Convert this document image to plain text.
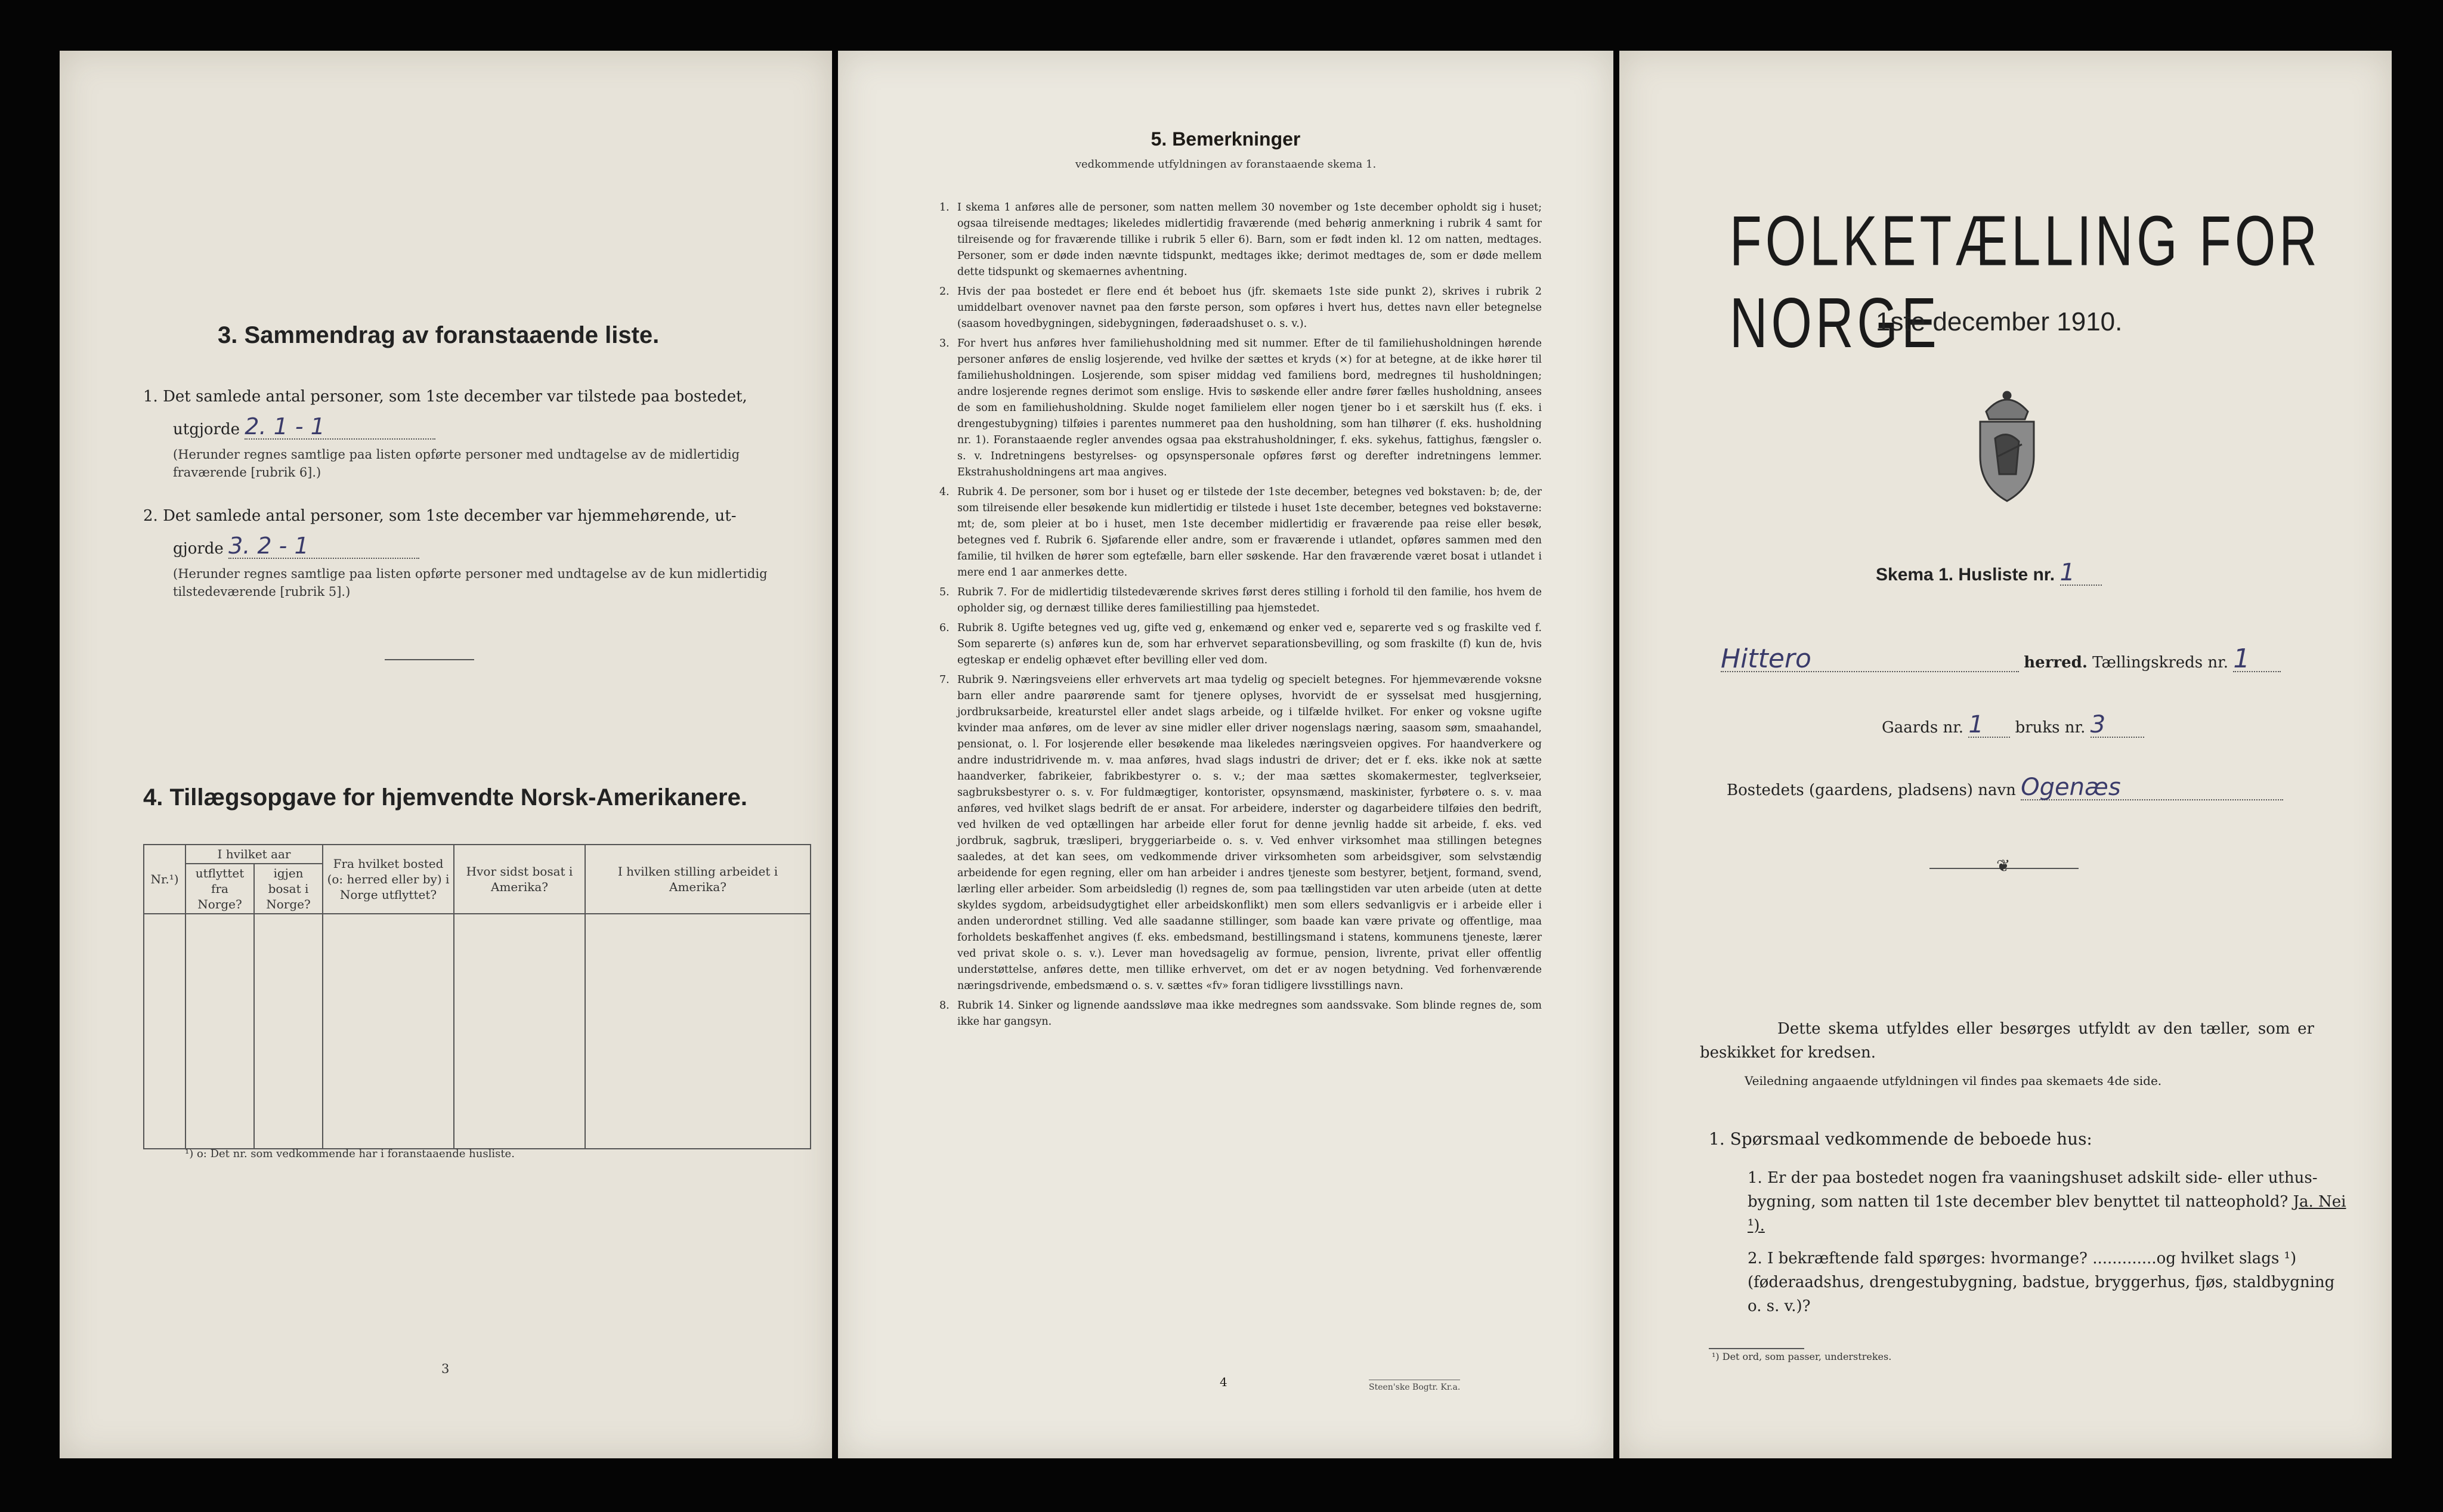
3. Sammendrag av foranstaaende liste.
1. Det samlede antal personer, som 1ste december var tilstede paa bostedet,
utgjorde 2. 1 - 1
(Herunder regnes samtlige paa listen opførte personer med undtagelse av de midlertidig fraværende [rubrik 6].)
2. Det samlede antal personer, som 1ste december var hjemmehørende, ut-
gjorde 3. 2 - 1
(Herunder regnes samtlige paa listen opførte personer med undtagelse av de kun midlertidig tilstedeværende [rubrik 5].)
4. Tillægsopgave for hjemvendte Norsk-Amerikanere.
Nr.¹)	I hvilket aar		Fra hvilket bosted (o: herred eller by) i Norge utflyttet?	Hvor sidst bosat i Amerika?	I hvilken stilling arbeidet i Amerika?
	utflyttet fra Norge?	igjen bosat i Norge?			

¹) o: Det nr. som vedkommende har i foranstaaende husliste.
3
5. Bemerkninger
vedkommende utfyldningen av foranstaaende skema 1.
1. I skema 1 anføres alle de personer, som natten mellem 30 november og 1ste december opholdt sig i huset; ogsaa tilreisende medtages; likeledes midlertidig fraværende (med behørig anmerkning i rubrik 4 samt for tilreisende og for fraværende tillike i rubrik 5 eller 6). Barn, som er født inden kl. 12 om natten, medtages. Personer, som er døde inden nævnte tidspunkt, medtages ikke; derimot medtages de, som er døde mellem dette tidspunkt og skemaernes avhentning.
2. Hvis der paa bostedet er flere end ét beboet hus (jfr. skemaets 1ste side punkt 2), skrives i rubrik 2 umiddelbart ovenover navnet paa den første person, som opføres i hvert hus, dettes navn eller betegnelse (saasom hovedbygningen, sidebygningen, føderaadshuset o. s. v.).
3. For hvert hus anføres hver familiehusholdning med sit nummer. Efter de til familiehusholdningen hørende personer anføres de enslig losjerende, ved hvilke der sættes et kryds (×) for at betegne, at de ikke hører til familiehusholdningen. Losjerende, som spiser middag ved familiens bord, medregnes til husholdningen; andre losjerende regnes derimot som enslige. Hvis to søskende eller andre fører fælles husholdning, ansees de som en familiehusholdning. Skulde noget familielem eller nogen tjener bo i et særskilt hus (f. eks. i drengestubygning) tilføies i parentes nummeret paa den husholdning, som han tilhører (f. eks. husholdning nr. 1). Foranstaaende regler anvendes ogsaa paa ekstrahusholdninger, f. eks. sykehus, fattighus, fængsler o. s. v. Indretningens bestyrelses- og opsynspersonale opføres først og derefter indretningens lemmer. Ekstrahusholdningens art maa angives.
4. Rubrik 4. De personer, som bor i huset og er tilstede der 1ste december, betegnes ved bokstaven: b; de, der som tilreisende eller besøkende kun midlertidig er tilstede i huset 1ste december, betegnes ved bokstaverne: mt; de, som pleier at bo i huset, men 1ste december midlertidig er fraværende paa reise eller besøk, betegnes ved f. Rubrik 6. Sjøfarende eller andre, som er fraværende i utlandet, opføres sammen med den familie, til hvilken de hører som egtefælle, barn eller søskende. Har den fraværende været bosat i utlandet i mere end 1 aar anmerkes dette.
5. Rubrik 7. For de midlertidig tilstedeværende skrives først deres stilling i forhold til den familie, hos hvem de opholder sig, og dernæst tillike deres familiestilling paa hjemstedet.
6. Rubrik 8. Ugifte betegnes ved ug, gifte ved g, enkemænd og enker ved e, separerte ved s og fraskilte ved f. Som separerte (s) anføres kun de, som har erhvervet separationsbevilling, og som fraskilte (f) kun de, hvis egteskap er endelig ophævet efter bevilling eller ved dom.
7. Rubrik 9. Næringsveiens eller erhvervets art maa tydelig og specielt betegnes. For hjemmeværende voksne barn eller andre paarørende samt for tjenere oplyses, hvorvidt de er sysselsat med husgjerning, jordbruksarbeide, kreaturstel eller andet slags arbeide, og i tilfælde hvilket. For enker og voksne ugifte kvinder maa anføres, om de lever av sine midler eller driver nogenslags næring, saasom søm, smaahandel, pensionat, o. l. For losjerende eller besøkende maa likeledes næringsveien opgives. For haandverkere og andre industridrivende m. v. maa anføres, hvad slags industri de driver; det er f. eks. ikke nok at sætte haandverker, fabrikeier, fabrikbestyrer o. s. v.; der maa sættes skomakermester, teglverkseier, sagbruksbestyrer o. s. v. For fuldmægtiger, kontorister, opsynsmænd, maskinister, fyrbøtere o. s. v. maa anføres, ved hvilket slags bedrift de er ansat. For arbeidere, inderster og dagarbeidere tilføies den bedrift, ved hvilken de ved optællingen har arbeide eller forut for denne jevnlig hadde sit arbeide, f. eks. ved jordbruk, sagbruk, træsliperi, bryggeriarbeide o. s. v. Ved enhver virksomhet maa stillingen betegnes saaledes, at det kan sees, om vedkommende driver virksomheten som arbeidsgiver, som selvstændig arbeidende for egen regning, eller om han arbeider i andres tjeneste som bestyrer, betjent, formand, svend, lærling eller arbeider. Som arbeidsledig (l) regnes de, som paa tællingstiden var uten arbeide (uten at dette skyldes sygdom, arbeidsudygtighet eller arbeidskonflikt) men som ellers sedvanligvis er i arbeide eller i anden underordnet stilling. Ved alle saadanne stillinger, som baade kan være private og offentlige, maa forholdets beskaffenhet angives (f. eks. embedsmand, bestillingsmand i statens, kommunens tjeneste, lærer ved privat skole o. s. v.). Lever man hovedsagelig av formue, pension, livrente, privat eller offentlig understøttelse, anføres dette, men tillike erhvervet, om det er av nogen betydning. Ved forhenværende næringsdrivende, embedsmænd o. s. v. sættes «fv» foran tidligere livsstillings navn.
8. Rubrik 14. Sinker og lignende aandssløve maa ikke medregnes som aandssvake. Som blinde regnes de, som ikke har gangsyn.
4	Steen'ske Bogtr. Kr.a.
FOLKETÆLLING FOR NORGE
1ste december 1910.
Skema 1. Husliste nr. 1
Hittero	herred. Tællingskreds nr. 1
Gaards nr. 1 bruks nr. 3
Bostedets (gaardens, pladsens) navn Ogenæs
❦
Dette skema utfyldes eller besørges utfyldt av den tæller, som er beskikket for kredsen.
Veiledning angaaende utfyldningen vil findes paa skemaets 4de side.
1. Spørsmaal vedkommende de beboede hus:
1. Er der paa bostedet nogen fra vaaningshuset adskilt side- eller uthus-bygning, som natten til 1ste december blev benyttet til natteophold? Ja. Nei ¹).
2. I bekræftende fald spørges: hvormange? .............og hvilket slags ¹) (føderaadshus, drengestubygning, badstue, bryggerhus, fjøs, staldbygning o. s. v.)?
¹) Det ord, som passer, understrekes.
